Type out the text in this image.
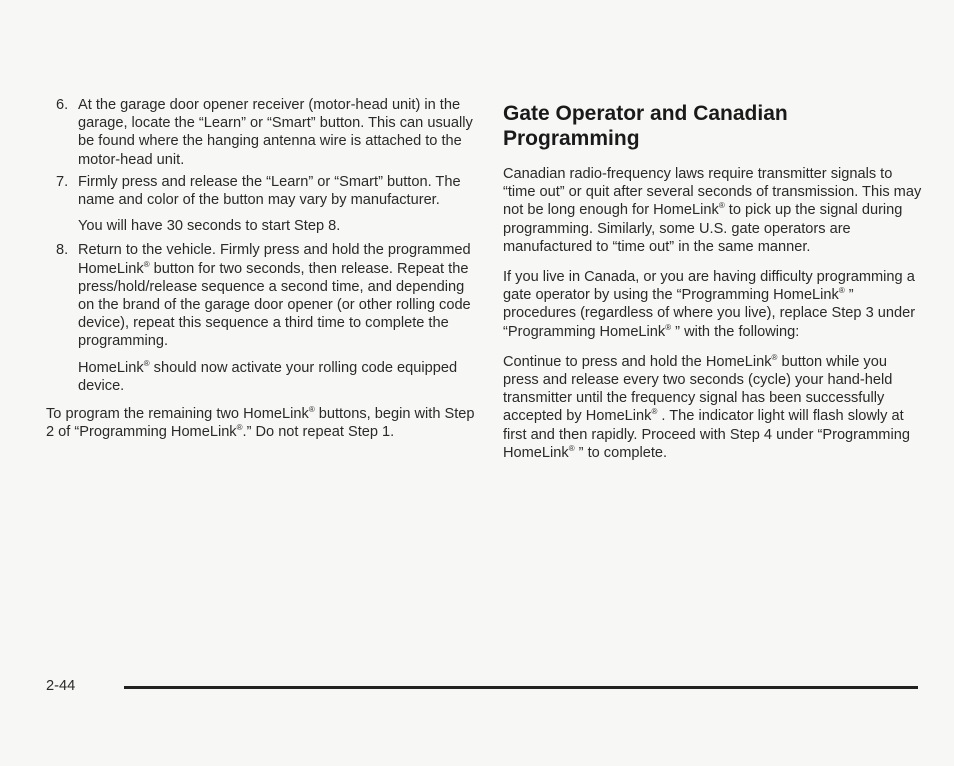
6. At the garage door opener receiver (motor-head unit) in the garage, locate the “Learn” or “Smart” button. This can usually be found where the hanging antenna wire is attached to the motor-head unit.
7. Firmly press and release the “Learn” or “Smart” button. The name and color of the button may vary by manufacturer.
You will have 30 seconds to start Step 8.
8. Return to the vehicle. Firmly press and hold the programmed HomeLink® button for two seconds, then release. Repeat the press/hold/release sequence a second time, and depending on the brand of the garage door opener (or other rolling code device), repeat this sequence a third time to complete the programming.
HomeLink® should now activate your rolling code equipped device.

To program the remaining two HomeLink® buttons, begin with Step 2 of “Programming HomeLink®.” Do not repeat Step 1.

Gate Operator and Canadian Programming

Canadian radio-frequency laws require transmitter signals to “time out” or quit after several seconds of transmission. This may not be long enough for HomeLink® to pick up the signal during programming. Similarly, some U.S. gate operators are manufactured to “time out” in the same manner.

If you live in Canada, or you are having difficulty programming a gate operator by using the “Programming HomeLink® ” procedures (regardless of where you live), replace Step 3 under “Programming HomeLink® ” with the following:

Continue to press and hold the HomeLink® button while you press and release every two seconds (cycle) your hand-held transmitter until the frequency signal has been successfully accepted by HomeLink® . The indicator light will flash slowly at first and then rapidly. Proceed with Step 4 under “Programming HomeLink® ” to complete.

2-44
